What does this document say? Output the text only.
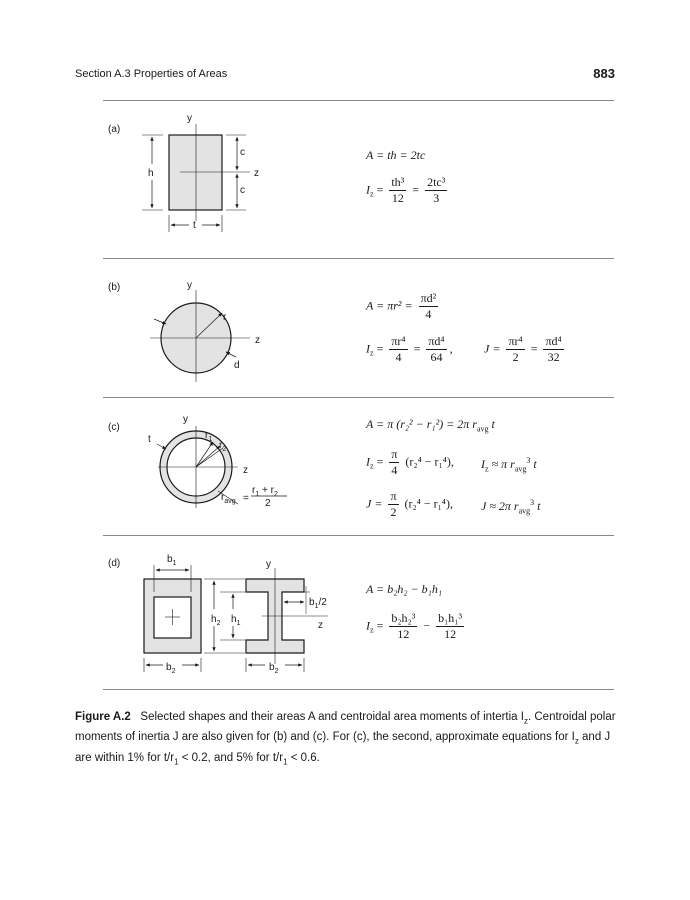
Section A.3 Properties of Areas	883
(a)
y
z
h
c
c
t
(b)	y
z
r
d
(c)
y
z
t	$r_1$
$r_2$
$r_{avg}$ =
$r_1 + r_2$
2
(d)	$b_1$
$b_2$
$h_2$ $h_1$
y
z
$b_1/2$
$b_2$
A = th = 2tc
$I_z = \frac{\text{th³}}{12} = \frac{\text{2tc³}}{3}$
$A = \pi r^2 = \frac{\text{πd²}}{4}$
$I_z = \frac{\text{πr⁴}}{4} = \frac{\text{πd⁴}}{64}$ ,	$J = \frac{\text{πr⁴}}{2} = \frac{\text{πd⁴}}{32}$
A = π (r₂² − r₁²) = 2π $r_{avg}$ t
$I_z = \frac{\pi}{4} (r_2^4 - r_1^4)$, $I_z \approx \pi$ $r_{avg}^3$ t
$J = \frac{\pi}{2} (r_2^4 - r_1^4)$, J ≈ 2π $r_{avg}^3$ t
A = b₂h₂ − b₁h₁
$I_z = \frac{\text{b₂h₂³}}{12} - \frac{\text{b₁h₁³}}{12}$
Figure A.2 Selected shapes and their areas A and centroidal area moments of intertia $I_z$. Centroidal polar moments of inertia J are also given for (b) and (c). For (c), the second, approximate equations for $I_z$ and J are within 1% for $t/r_1 < 0.2$, and 5% for $t/r_1 < 0.6$.
